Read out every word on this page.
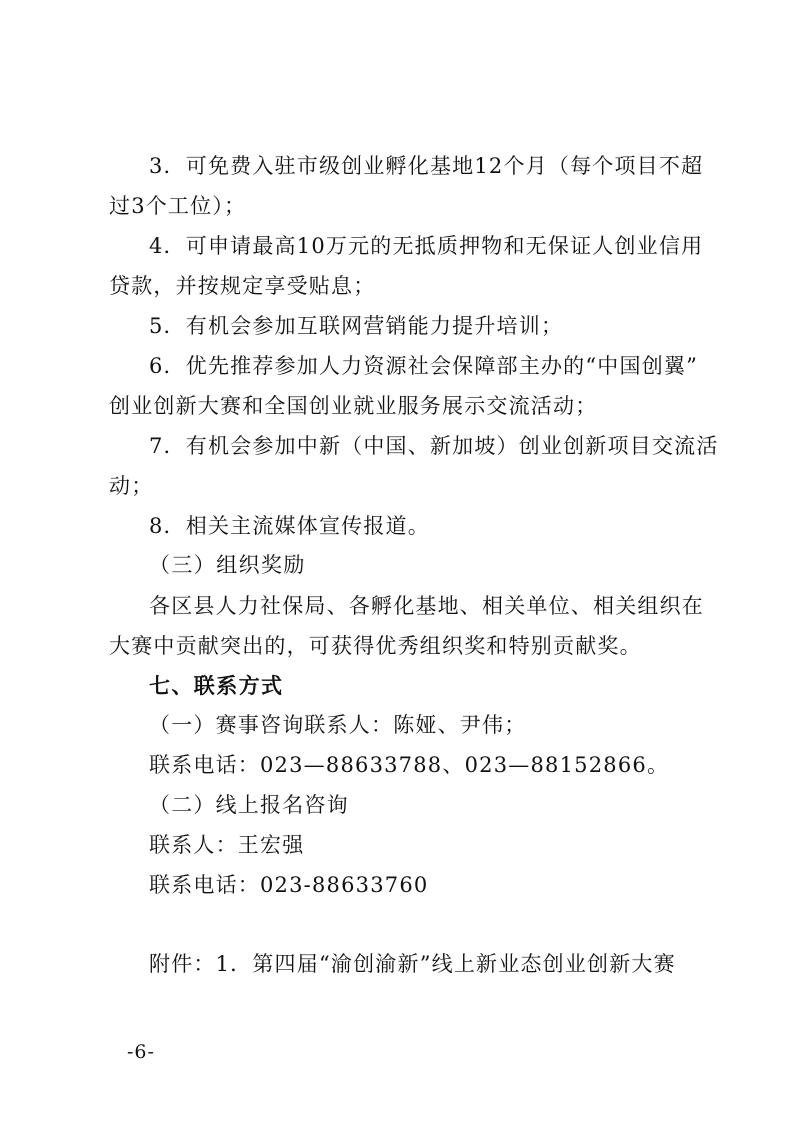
3．可免费入驻市级创业孵化基地12个月（每个项目不超
过3个工位）；
4．可申请最高10万元的无抵质押物和无保证人创业信用
贷款，并按规定享受贴息；
5．有机会参加互联网营销能力提升培训；
6．优先推荐参加人力资源社会保障部主办的“中国创翼”
创业创新大赛和全国创业就业服务展示交流活动；
7．有机会参加中新（中国、新加坡）创业创新项目交流活
动；
8．相关主流媒体宣传报道。
（三）组织奖励
各区县人力社保局、各孵化基地、相关单位、相关组织在
大赛中贡献突出的，可获得优秀组织奖和特别贡献奖。
七、联系方式
（一）赛事咨询联系人：陈娅、尹伟；
联系电话：023—88633788、023—88152866。
（二）线上报名咨询
联系人：王宏强
联系电话：023-88633760
附件：1．第四届“渝创渝新”线上新业态创业创新大赛
-6-
